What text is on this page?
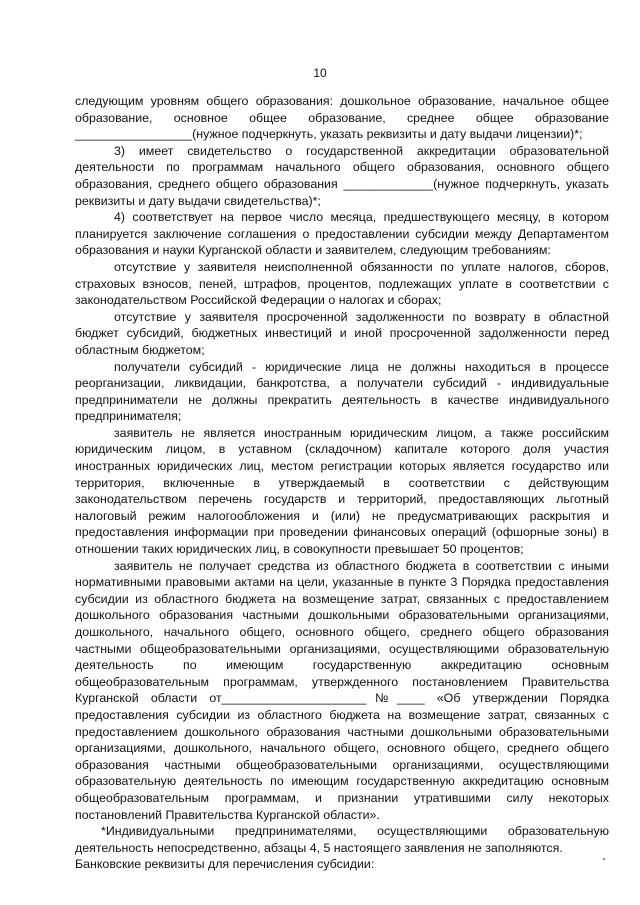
10

следующим уровням общего образования: дошкольное образование, начальное общее образование, основное общее образование, среднее общее образование _________________(нужное подчеркнуть, указать реквизиты и дату выдачи лицензии)*;

3) имеет свидетельство о государственной аккредитации образовательной деятельности по программам начального общего образования, основного общего образования, среднего общего образования _____________(нужное подчеркнуть, указать реквизиты и дату выдачи свидетельства)*;

4) соответствует на первое число месяца, предшествующего месяцу, в котором планируется заключение соглашения о предоставлении субсидии между Департаментом образования и науки Курганской области и заявителем, следующим требованиям:

отсутствие у заявителя неисполненной обязанности по уплате налогов, сборов, страховых взносов, пеней, штрафов, процентов, подлежащих уплате в соответствии с законодательством Российской Федерации о налогах и сборах;

отсутствие у заявителя просроченной задолженности по возврату в областной бюджет субсидий, бюджетных инвестиций и иной просроченной задолженности перед областным бюджетом;

получатели субсидий - юридические лица не должны находиться в процессе реорганизации, ликвидации, банкротства, а получатели субсидий - индивидуальные предприниматели не должны прекратить деятельность в качестве индивидуального предпринимателя;

заявитель не является иностранным юридическим лицом, а также российским юридическим лицом, в уставном (складочном) капитале которого доля участия иностранных юридических лиц, местом регистрации которых является государство или территория, включенные в утверждаемый в соответствии с действующим законодательством перечень государств и территорий, предоставляющих льготный налоговый режим налогообложения и (или) не предусматривающих раскрытия и предоставления информации при проведении финансовых операций (офшорные зоны) в отношении таких юридических лиц, в совокупности превышает 50 процентов;

заявитель не получает средства из областного бюджета в соответствии с иными нормативными правовыми актами на цели, указанные в пункте 3 Порядка предоставления субсидии из областного бюджета на возмещение затрат, связанных с предоставлением дошкольного образования частными дошкольными образовательными организациями, дошкольного, начального общего, основного общего, среднего общего образования частными общеобразовательными организациями, осуществляющими образовательную деятельность по имеющим государственную аккредитацию основным общеобразовательным программам, утвержденного постановлением Правительства Курганской области от_____________________№____ «Об утверждении Порядка предоставления субсидии из областного бюджета на возмещение затрат, связанных с предоставлением дошкольного образования частными дошкольными образовательными организациями, дошкольного, начального общего, основного общего, среднего общего образования частными общеобразовательными организациями, осуществляющими образовательную деятельность по имеющим государственную аккредитацию основным общеобразовательным программам, и признании утратившими силу некоторых постановлений Правительства Курганской области».

*Индивидуальными предпринимателями, осуществляющими образовательную деятельность непосредственно, абзацы 4, 5 настоящего заявления не заполняются.

Банковские реквизиты для перечисления субсидии:
